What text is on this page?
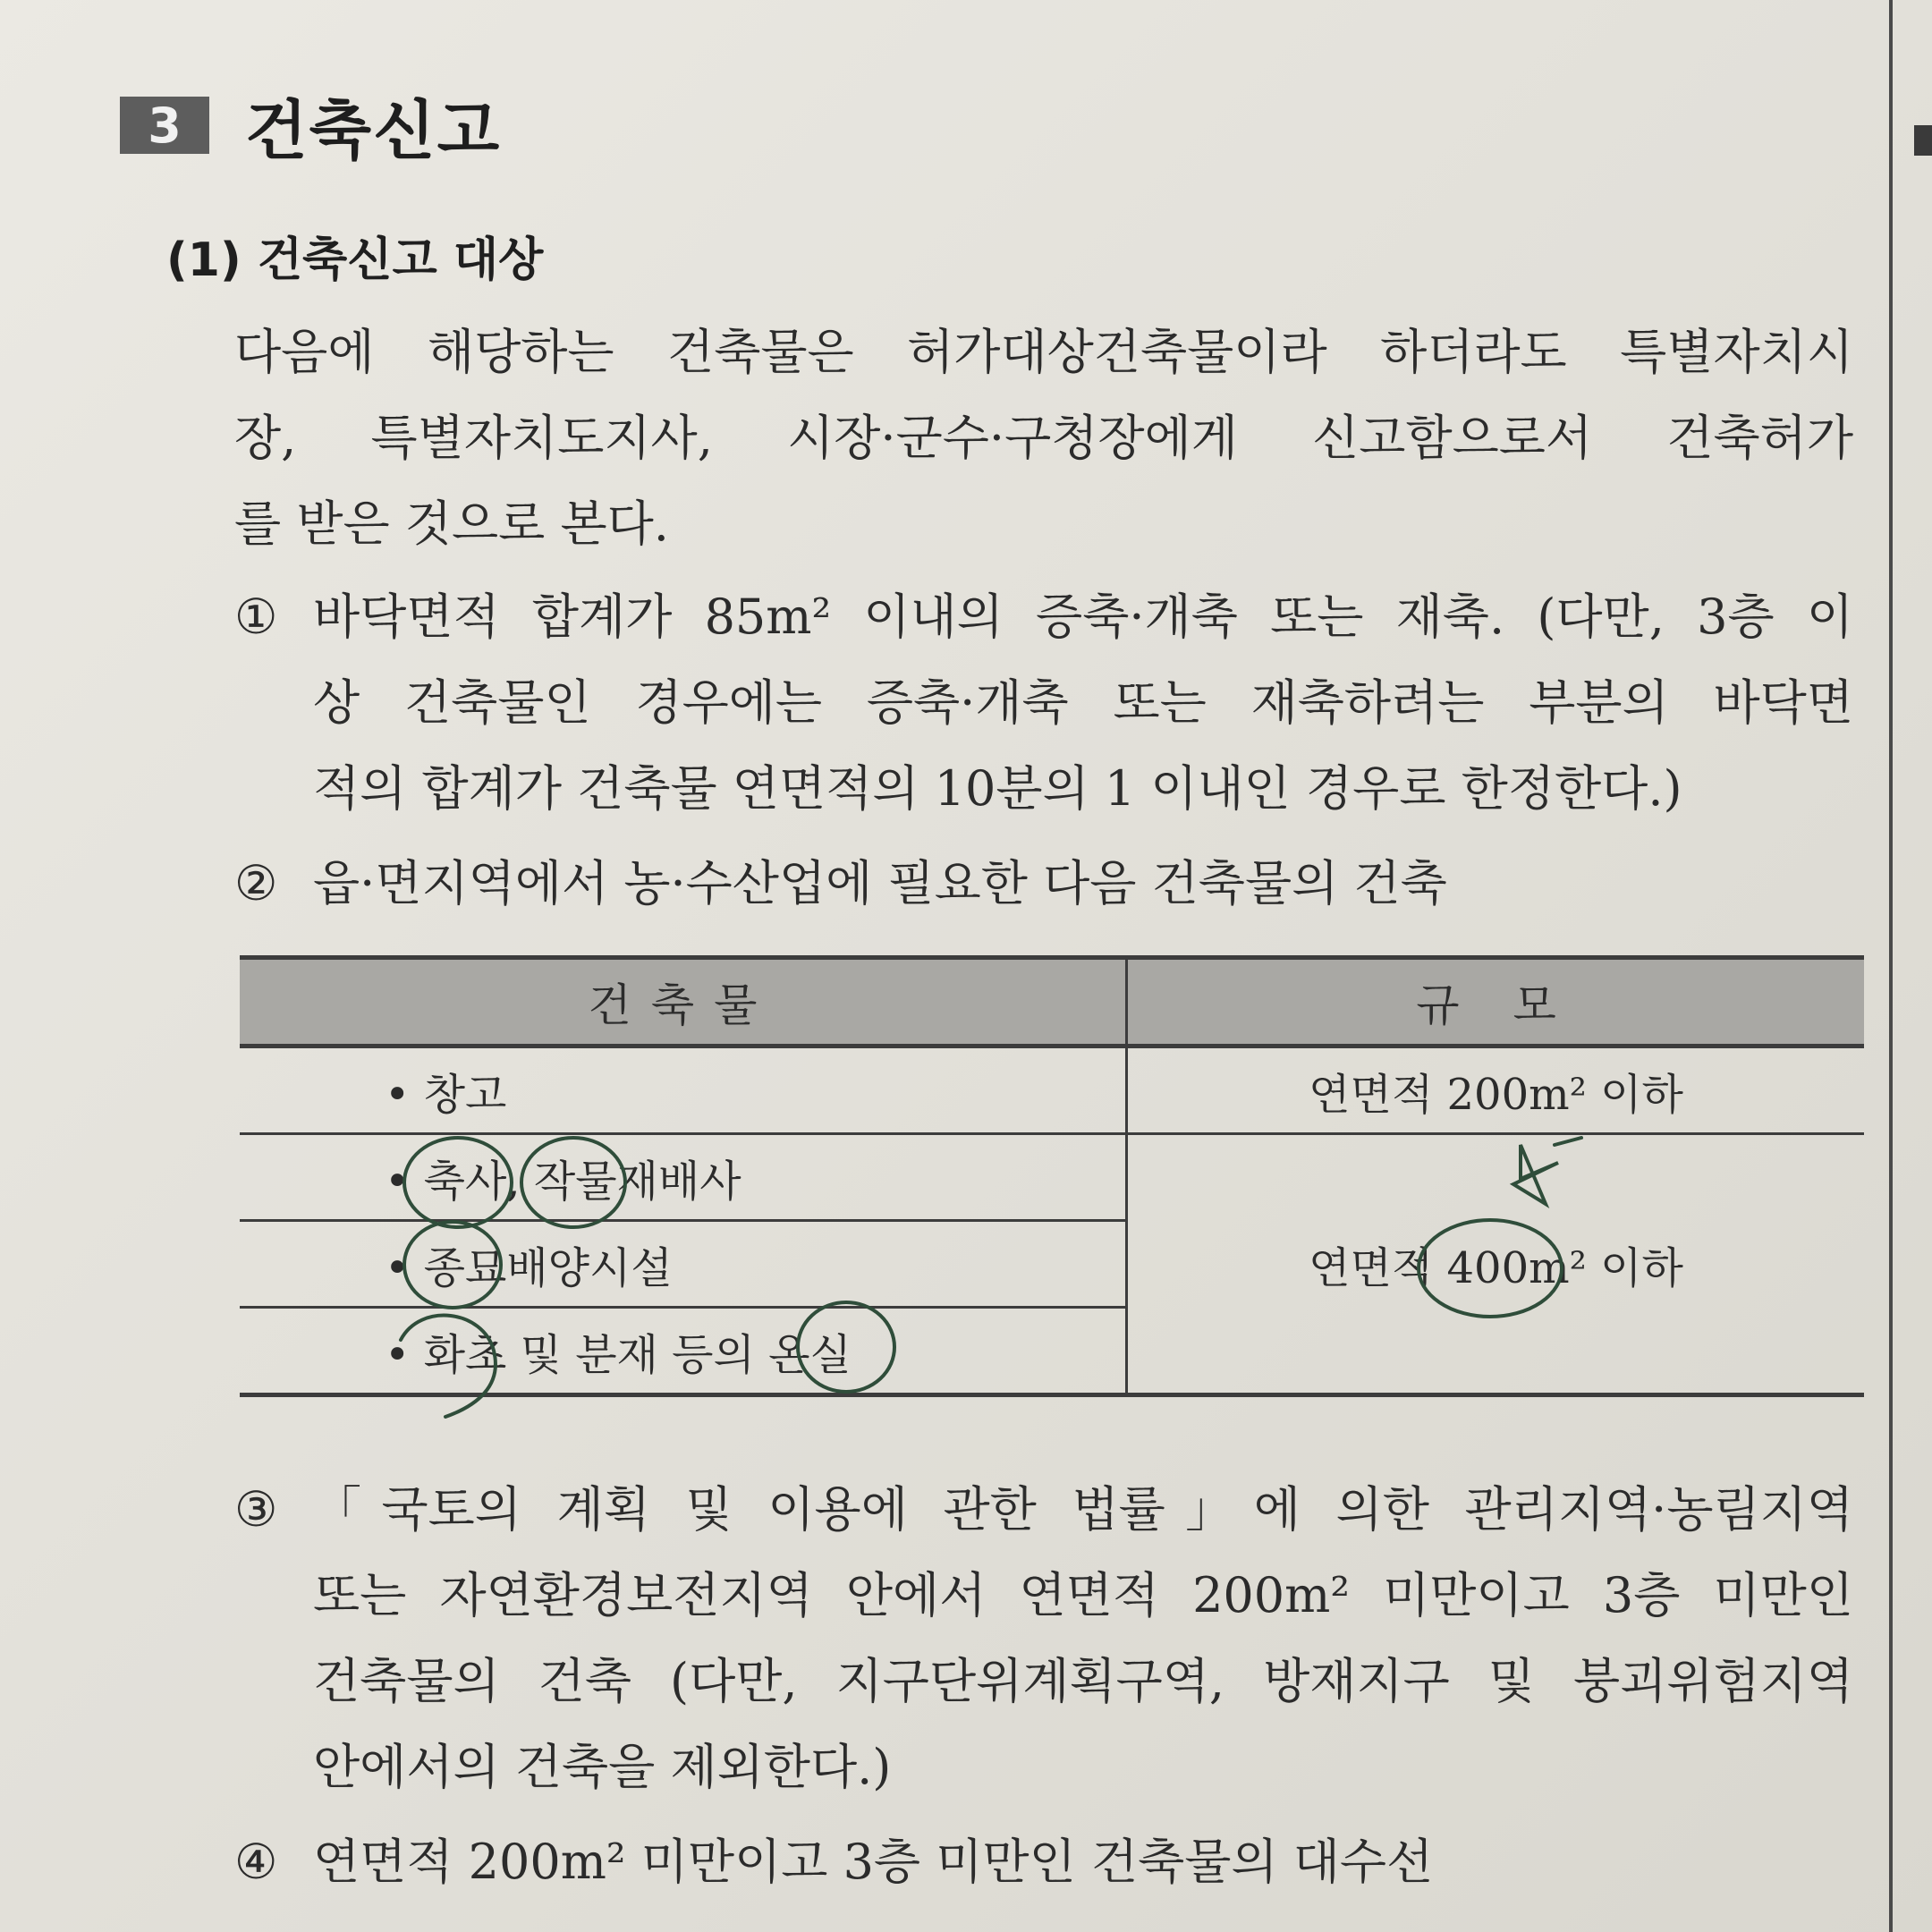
3 건축신고
(1) 건축신고 대상

다음에 해당하는 건축물은 허가대상건축물이라 하더라도 특별자치시
장, 특별자치도지사, 시장·군수·구청장에게 신고함으로서 건축허가
를 받은 것으로 본다.

① 바닥면적 합계가 85m² 이내의 증축·개축 또는 재축. (다만, 3층 이
상 건축물인 경우에는 증축·개축 또는 재축하려는 부분의 바닥면
적의 합계가 건축물 연면적의 10분의 1 이내인 경우로 한정한다.)
② 읍·면지역에서 농·수산업에 필요한 다음 건축물의 건축
건축물	규 모
• 창고	연면적 200m² 이하
• 축사, 작물재배사	연면적 400m² 이하
• 종묘배양시설	
• 화초 및 분재 등의 온실	
③ 「국토의 계획 및 이용에 관한 법률」에 의한 관리지역·농림지역
또는 자연환경보전지역 안에서 연면적 200m² 미만이고 3층 미만인
건축물의 건축 (다만, 지구단위계획구역, 방재지구 및 붕괴위험지역
안에서의 건축을 제외한다.)
④ 연면적 200m² 미만이고 3층 미만인 건축물의 대수선
